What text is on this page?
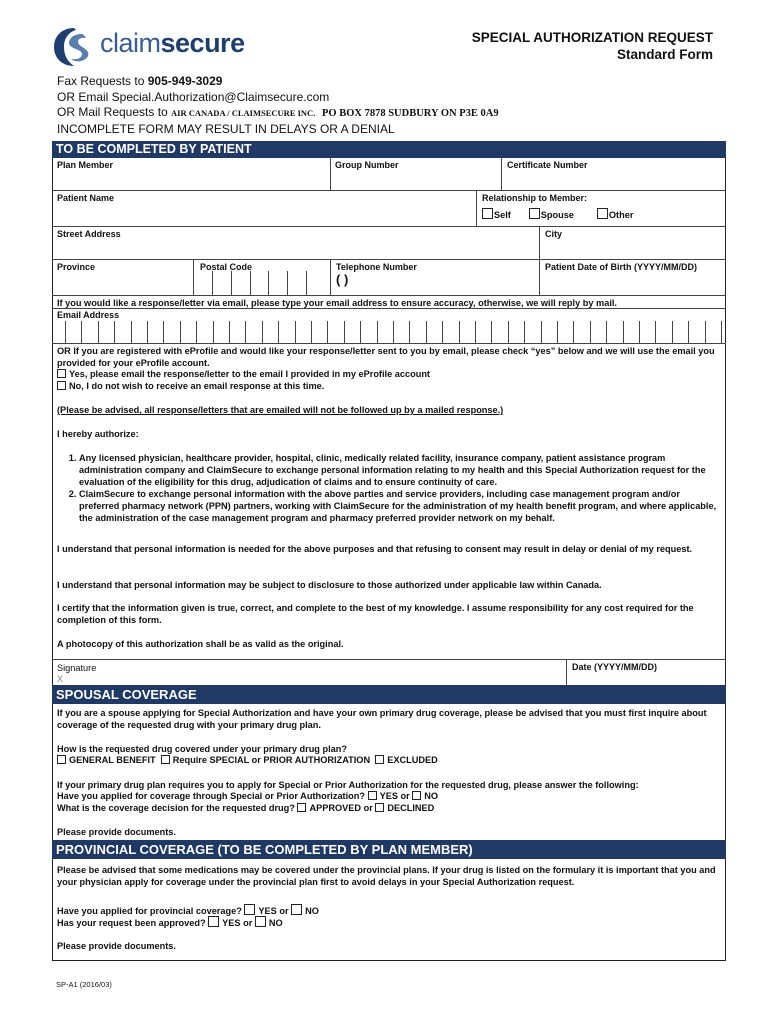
claimsecure	SPECIAL AUTHORIZATION REQUEST
Standard Form
Fax Requests to 905-949-3029
OR Email Special.Authorization@Claimsecure.com
OR Mail Requests to AIR CANADA / CLAIMSECURE INC. PO BOX 7878 SUDBURY ON P3E 0A9
INCOMPLETE FORM MAY RESULT IN DELAYS OR A DENIAL
TO BE COMPLETED BY PATIENT
Plan Member	Group Number	Certificate Number
Patient Name	Relationship to Member:
Self	Spouse	Other
Street Address	City
Province	Postal Code	Telephone Number	Patient Date of Birth (YYYY/MM/DD)
( )
If you would like a response/letter via email, please type your email address to ensure accuracy, otherwise, we will reply by mail.
Email Address
OR If you are registered with eProfile and would like your response/letter sent to you by email, please check “yes” below and we will use the email you provided for your eProfile account.
Yes, please email the response/letter to the email I provided in my eProfile account
No, I do not wish to receive an email response at this time.
(Please be advised, all response/letters that are emailed will not be followed up by a mailed response.)
I hereby authorize:
1. Any licensed physician, healthcare provider, hospital, clinic, medically related facility, insurance company, patient assistance program administration company and ClaimSecure to exchange personal information relating to my health and this Special Authorization request for the evaluation of the eligibility for this drug, adjudication of claims and to ensure continuity of care.
2. ClaimSecure to exchange personal information with the above parties and service providers, including case management program and/or preferred pharmacy network (PPN) partners, working with ClaimSecure for the administration of my health benefit program, and where applicable, the administration of the case management program and pharmacy preferred provider network on my behalf.
I understand that personal information is needed for the above purposes and that refusing to consent may result in delay or denial of my request.
I understand that personal information may be subject to disclosure to those authorized under applicable law within Canada.
I certify that the information given is true, correct, and complete to the best of my knowledge. I assume responsibility for any cost required for the completion of this form.
A photocopy of this authorization shall be as valid as the original.
Signature
X
Date (YYYY/MM/DD)
SPOUSAL COVERAGE
If you are a spouse applying for Special Authorization and have your own primary drug coverage, please be advised that you must first inquire about coverage of the requested drug with your primary drug plan.
How is the requested drug covered under your primary drug plan?
GENERAL BENEFIT Require SPECIAL or PRIOR AUTHORIZATION EXCLUDED
If your primary drug plan requires you to apply for Special or Prior Authorization for the requested drug, please answer the following:
Have you applied for coverage through Special or Prior Authorization? YES or NO
What is the coverage decision for the requested drug? APPROVED or DECLINED
Please provide documents.
PROVINCIAL COVERAGE (TO BE COMPLETED BY PLAN MEMBER)
Please be advised that some medications may be covered under the provincial plans. If your drug is listed on the formulary it is important that you and your physician apply for coverage under the provincial plan first to avoid delays in your Special Authorization request.
Have you applied for provincial coverage? YES or NO
Has your request been approved? YES or NO
Please provide documents.
SP-A1 (2016/03)
